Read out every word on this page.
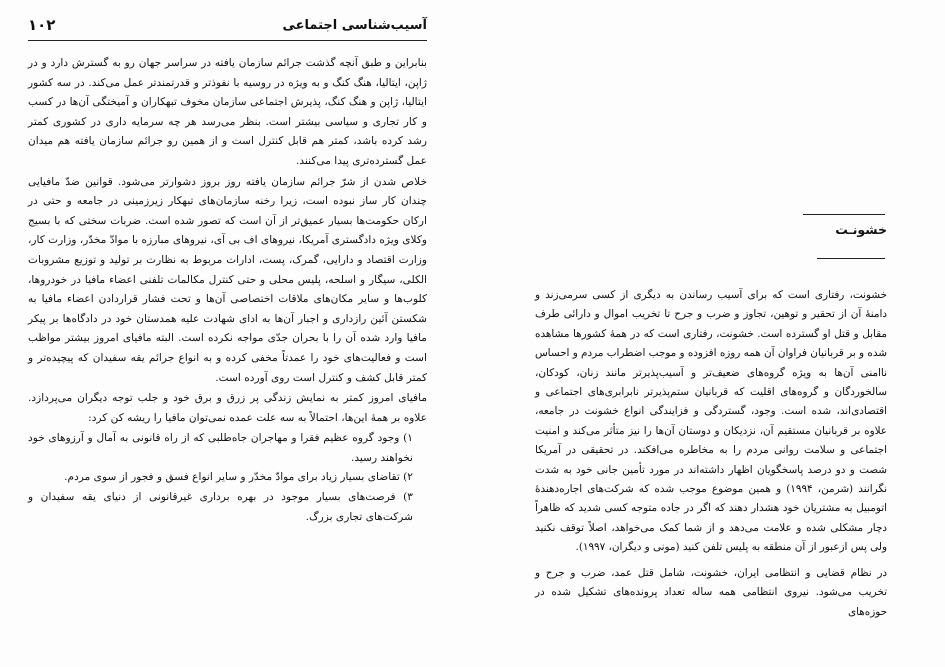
آسیب‌شناسی اجتماعی
۱۰۲

بنابراین و طبق آنچه گذشت جرائم سازمان یافته در سراسر جهان رو به گسترش دارد و در ژاپن، ایتالیا، هنگ کنگ و به ویژه در روسیه با نفوذتر و قدرتمندتر عمل می‌کند. در سه کشور ایتالیا، ژاپن و هنگ کنگ، پذیرش اجتماعی سازمان مخوف تبهکاران و آمیختگی آن‌ها در کسب و کار تجاری و سیاسی بیشتر است. بنظر می‌رسد هر چه سرمایه داری در کشوری کمتر رشد کرده باشد، کمتر هم قابل کنترل است و از همین رو جرائم سازمان یافته هم میدان عمل گسترده‌تری پیدا می‌کنند.

خلاص شدن از شرّ جرائم سازمان یافته روز بروز دشوارتر می‌شود. قوانین ضدّ مافیایی چندان کار ساز نبوده است، زیرا رخنه سازمان‌های تبهکار زیرزمینی در جامعه و حتی در ارکان حکومت‌ها بسیار عمیق‌تر از آن است که تصور شده است. ضربات سختی که با بسیج وکلای ویژه دادگستری آمریکا، نیروهای اف بی آی، نیروهای مبارزه با موادّ مخدّر، وزارت کار، وزارت اقتصاد و دارایی، گمرک، پست، ادارات مربوط به نظارت بر تولید و توزیع مشروبات الکلی، سیگار و اسلحه، پلیس محلی و حتی کنترل مکالمات تلفنی اعضاء مافیا در خودروها، کلوب‌ها و سایر مکان‌های ملاقات اختصاصی آن‌ها و تحت فشار قراردادن اعضاء مافیا به شکستن آئین رازداری و اجبار آن‌ها به ادای شهادت علیه همدستان خود در دادگاه‌ها بر پیکر مافیا وارد شده آن را با بحران جدّی مواجه نکرده است. البته مافیای امروز بیشتر مواظب است و فعالیت‌های خود را عمدتاً مخفی کرده و به انواع جرائم یقه سفیدان که پیچیده‌تر و کمتر قابل کشف و کنترل است روی آورده است.

مافیای امروز کمتر به نمایش زندگی پر زرق و برق خود و جلب توجه دیگران می‌پردازد. علاوه بر همهٔ این‌ها، احتمالاً به سه علت عمده نمی‌توان مافیا را ریشه کن کرد:

۱) وجود گروه عظیم فقرا و مهاجران جاه‌طلبی که از راه قانونی به آمال و آرزوهای خود نخواهند رسید.
۲) تقاضای بسیار زیاد برای موادّ مخدّر و سایر انواع فسق و فجور از سوی مردم.
۳) فرصت‌های بسیار موجود در بهره برداری غیرقانونی از دنیای یقه سفیدان و شرکت‌های تجاری بزرگ.
خشونـت

خشونت، رفتاری است که برای آسیب رساندن به دیگری از کسی سرمی‌زند و دامنهٔ آن از تحقیر و توهین، تجاوز و ضرب و جرح تا تخریب اموال و دارائی طرف مقابل و قتل او گسترده است. خشونت، رفتاری است که در همهٔ کشورها مشاهده شده و بر قربانیان فراوان آن همه روزه افزوده و موجب اضطراب مردم و احساس ناامنی آن‌ها به ویژه گروه‌های ضعیف‌تر و آسیب‌پذیرتر مانند زنان، کودکان، سالخوردگان و گروه‌های اقلیت که قربانیان ستم‌پذیرتر نابرابری‌های اجتماعی و اقتصادی‌اند، شده است. وجود، گستردگی و فزایندگی انواع خشونت در جامعه، علاوه بر قربانیان مستقیم آن، نزدیکان و دوستان آن‌ها را نیز متأثر می‌کند و امنیت اجتماعی و سلامت روانی مردم را به مخاطره می‌افکند. در تحقیقی در آمریکا شصت و دو درصد پاسخگویان اظهار داشته‌اند در مورد تأمین جانی خود به شدت نگرانند (شرمن، ۱۹۹۴) و همین موضوع موجب شده که شرکت‌های اجاره‌دهندهٔ اتومبیل به مشتریان خود هشدار دهند که اگر در جاده متوجه کسی شدید که ظاهراً دچار مشکلی شده و علامت می‌دهد و از شما کمک می‌خواهد، اصلاً توقف نکنید ولی پس ازعبور از آن منطقه به پلیس تلفن کنید (مونی و دیگران، ۱۹۹۷).

در نظام قضایی و انتظامی ایران، خشونت، شامل قتل عمد، ضرب و جرح و تخریب می‌شود. نیروی انتظامی همه ساله تعداد پرونده‌های تشکیل شده در حوزه‌های
